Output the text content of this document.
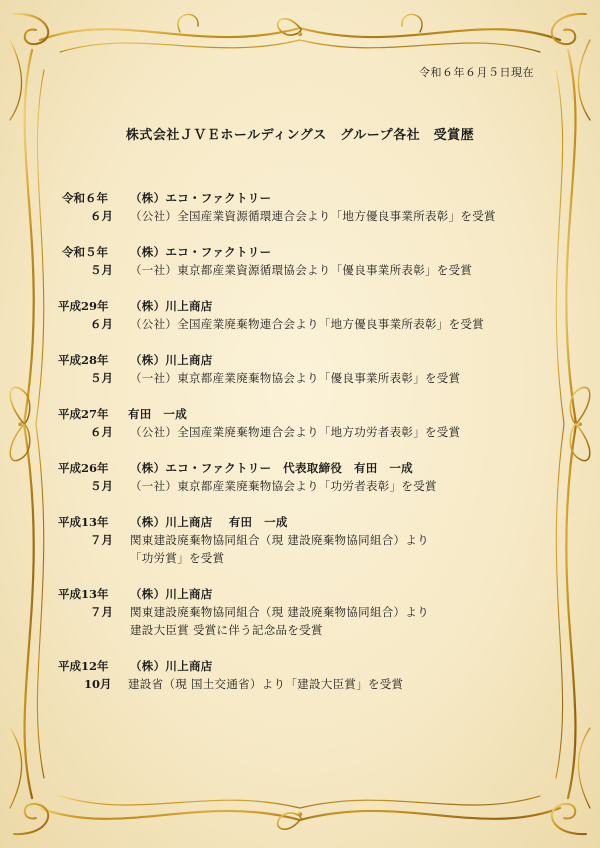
令和６年６月５日現在
株式会社ＪＶＥホールディングス　グループ各社　受賞歴
令和６年 （株）エコ・ファクトリー
６月 （公社）全国産業資源循環連合会より「地方優良事業所表彰」を受賞
令和５年 （株）エコ・ファクトリー
５月 （一社）東京都産業資源循環協会より「優良事業所表彰」を受賞
平成29年 （株）川上商店
６月 （公社）全国産業廃棄物連合会より「地方優良事業所表彰」を受賞
平成28年 （株）川上商店
５月 （一社）東京都産業廃棄物協会より「優良事業所表彰」を受賞
平成27年 有田　一成
６月 （公社）全国産業廃棄物連合会より「地方功労者表彰」を受賞
平成26年 （株）エコ・ファクトリー　代表取締役　有田　一成
５月 （一社）東京都産業廃棄物協会より「功労者表彰」を受賞
平成13年 （株）川上商店　 有田　一成
７月 関東建設廃棄物協同組合（現 建設廃棄物協同組合）より
「功労賞」を受賞
平成13年 （株）川上商店
７月 関東建設廃棄物協同組合（現 建設廃棄物協同組合）より
建設大臣賞 受賞に伴う記念品を受賞
平成12年 （株）川上商店
10月 建設省（現 国土交通省）より「建設大臣賞」を受賞
